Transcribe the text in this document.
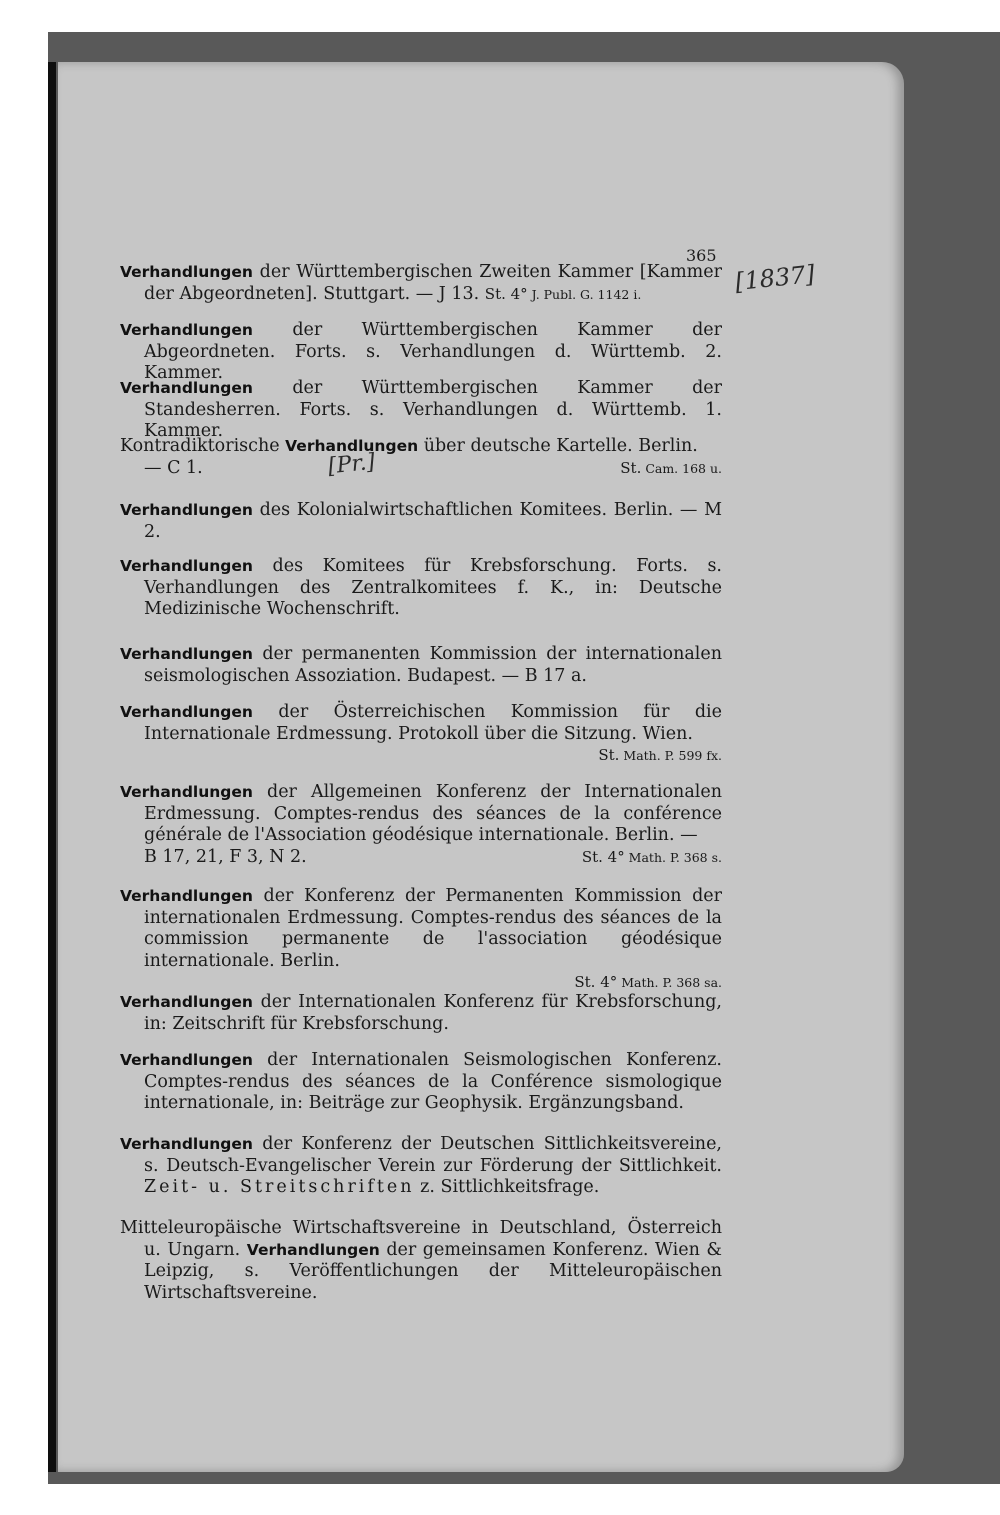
365
[1837]
[Pr.]

Verhandlungen der Württembergischen Zweiten Kammer [Kammer der Abgeordneten]. Stuttgart. — J 13. St. 4° J. Publ. G. 1142 i.

Verhandlungen der Württembergischen Kammer der Abgeordneten. Forts. s. Verhandlungen d. Württemb. 2. Kammer.

Verhandlungen der Württembergischen Kammer der Standesherren. Forts. s. Verhandlungen d. Württemb. 1. Kammer.

Kontradiktorische Verhandlungen über deutsche Kartelle. Berlin.

— C 1.	St. Cam. 168 u.

Verhandlungen des Kolonialwirtschaftlichen Komitees. Berlin. — M 2.

Verhandlungen des Komitees für Krebsforschung. Forts. s. Verhandlungen des Zentralkomitees f. K., in: Deutsche Medizinische Wochenschrift.

Verhandlungen der permanenten Kommission der internationalen seismologischen Assoziation. Budapest. — B 17 a.

Verhandlungen der Österreichischen Kommission für die Internationale Erdmessung. Protokoll über die Sitzung. Wien.

St. Math. P. 599 fx.

Verhandlungen der Allgemeinen Konferenz der Internationalen Erdmessung. Comptes-rendus des séances de la conférence générale de l'Association géodésique internationale. Berlin. —

B 17, 21, F 3, N 2.	St. 4° Math. P. 368 s.

Verhandlungen der Konferenz der Permanenten Kommission der internationalen Erdmessung. Comptes-rendus des séances de la commission permanente de l'association géodésique internationale. Berlin.

St. 4° Math. P. 368 sa.

Verhandlungen der Internationalen Konferenz für Krebsforschung, in: Zeitschrift für Krebsforschung.

Verhandlungen der Internationalen Seismologischen Konferenz. Comptes-rendus des séances de la Conférence sismologique internationale, in: Beiträge zur Geophysik. Ergänzungsband.

Verhandlungen der Konferenz der Deutschen Sittlichkeitsvereine, s. Deutsch-Evangelischer Verein zur Förderung der Sittlichkeit. Zeit- u. Streitschriften z. Sittlichkeitsfrage.

Mitteleuropäische Wirtschaftsvereine in Deutschland, Österreich u. Ungarn. Verhandlungen der gemeinsamen Konferenz. Wien & Leipzig, s. Veröffentlichungen der Mitteleuropäischen Wirtschaftsvereine.
